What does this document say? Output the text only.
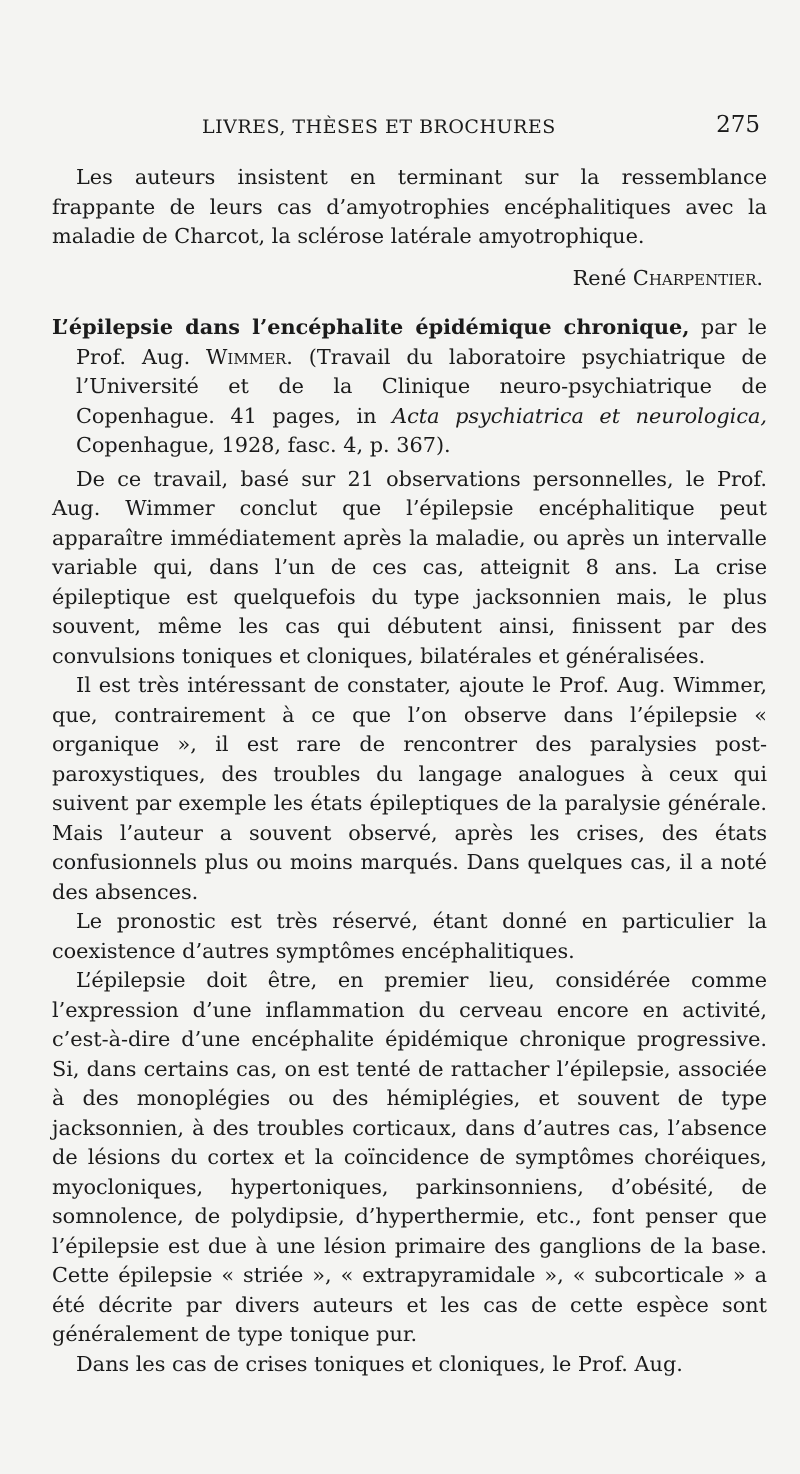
LIVRES, THÈSES ET BROCHURES	275

Les auteurs insistent en terminant sur la ressemblance frappante de leurs cas d’amyotrophies encéphalitiques avec la maladie de Charcot, la sclérose latérale amyotrophique.

René Charpentier.

L’épilepsie dans l’encéphalite épidémique chronique, par le Prof. Aug. Wimmer. (Travail du laboratoire psychiatrique de l’Université et de la Clinique neuro-psychiatrique de Copenhague. 41 pages, in Acta psychiatrica et neurologica, Copenhague, 1928, fasc. 4, p. 367).

De ce travail, basé sur 21 observations personnelles, le Prof. Aug. Wimmer conclut que l’épilepsie encéphalitique peut apparaître immédiatement après la maladie, ou après un intervalle variable qui, dans l’un de ces cas, atteignit 8 ans. La crise épileptique est quelquefois du type jacksonnien mais, le plus souvent, même les cas qui débutent ainsi, finissent par des convulsions toniques et cloniques, bilatérales et généralisées.

Il est très intéressant de constater, ajoute le Prof. Aug. Wimmer, que, contrairement à ce que l’on observe dans l’épilepsie « organique », il est rare de rencontrer des paralysies post-paroxystiques, des troubles du langage analogues à ceux qui suivent par exemple les états épileptiques de la paralysie générale. Mais l’auteur a souvent observé, après les crises, des états confusionnels plus ou moins marqués. Dans quelques cas, il a noté des absences.

Le pronostic est très réservé, étant donné en particulier la coexistence d’autres symptômes encéphalitiques.

L’épilepsie doit être, en premier lieu, considérée comme l’expression d’une inflammation du cerveau encore en activité, c’est-à-dire d’une encéphalite épidémique chronique progressive. Si, dans certains cas, on est tenté de rattacher l’épilepsie, associée à des monoplégies ou des hémiplégies, et souvent de type jacksonnien, à des troubles corticaux, dans d’autres cas, l’absence de lésions du cortex et la coïncidence de symptômes choréiques, myocloniques, hypertoniques, parkinsonniens, d’obésité, de somnolence, de polydipsie, d’hyperthermie, etc., font penser que l’épilepsie est due à une lésion primaire des ganglions de la base. Cette épilepsie « striée », « extrapyramidale », « subcorticale » a été décrite par divers auteurs et les cas de cette espèce sont généralement de type tonique pur.

Dans les cas de crises toniques et cloniques, le Prof. Aug.
